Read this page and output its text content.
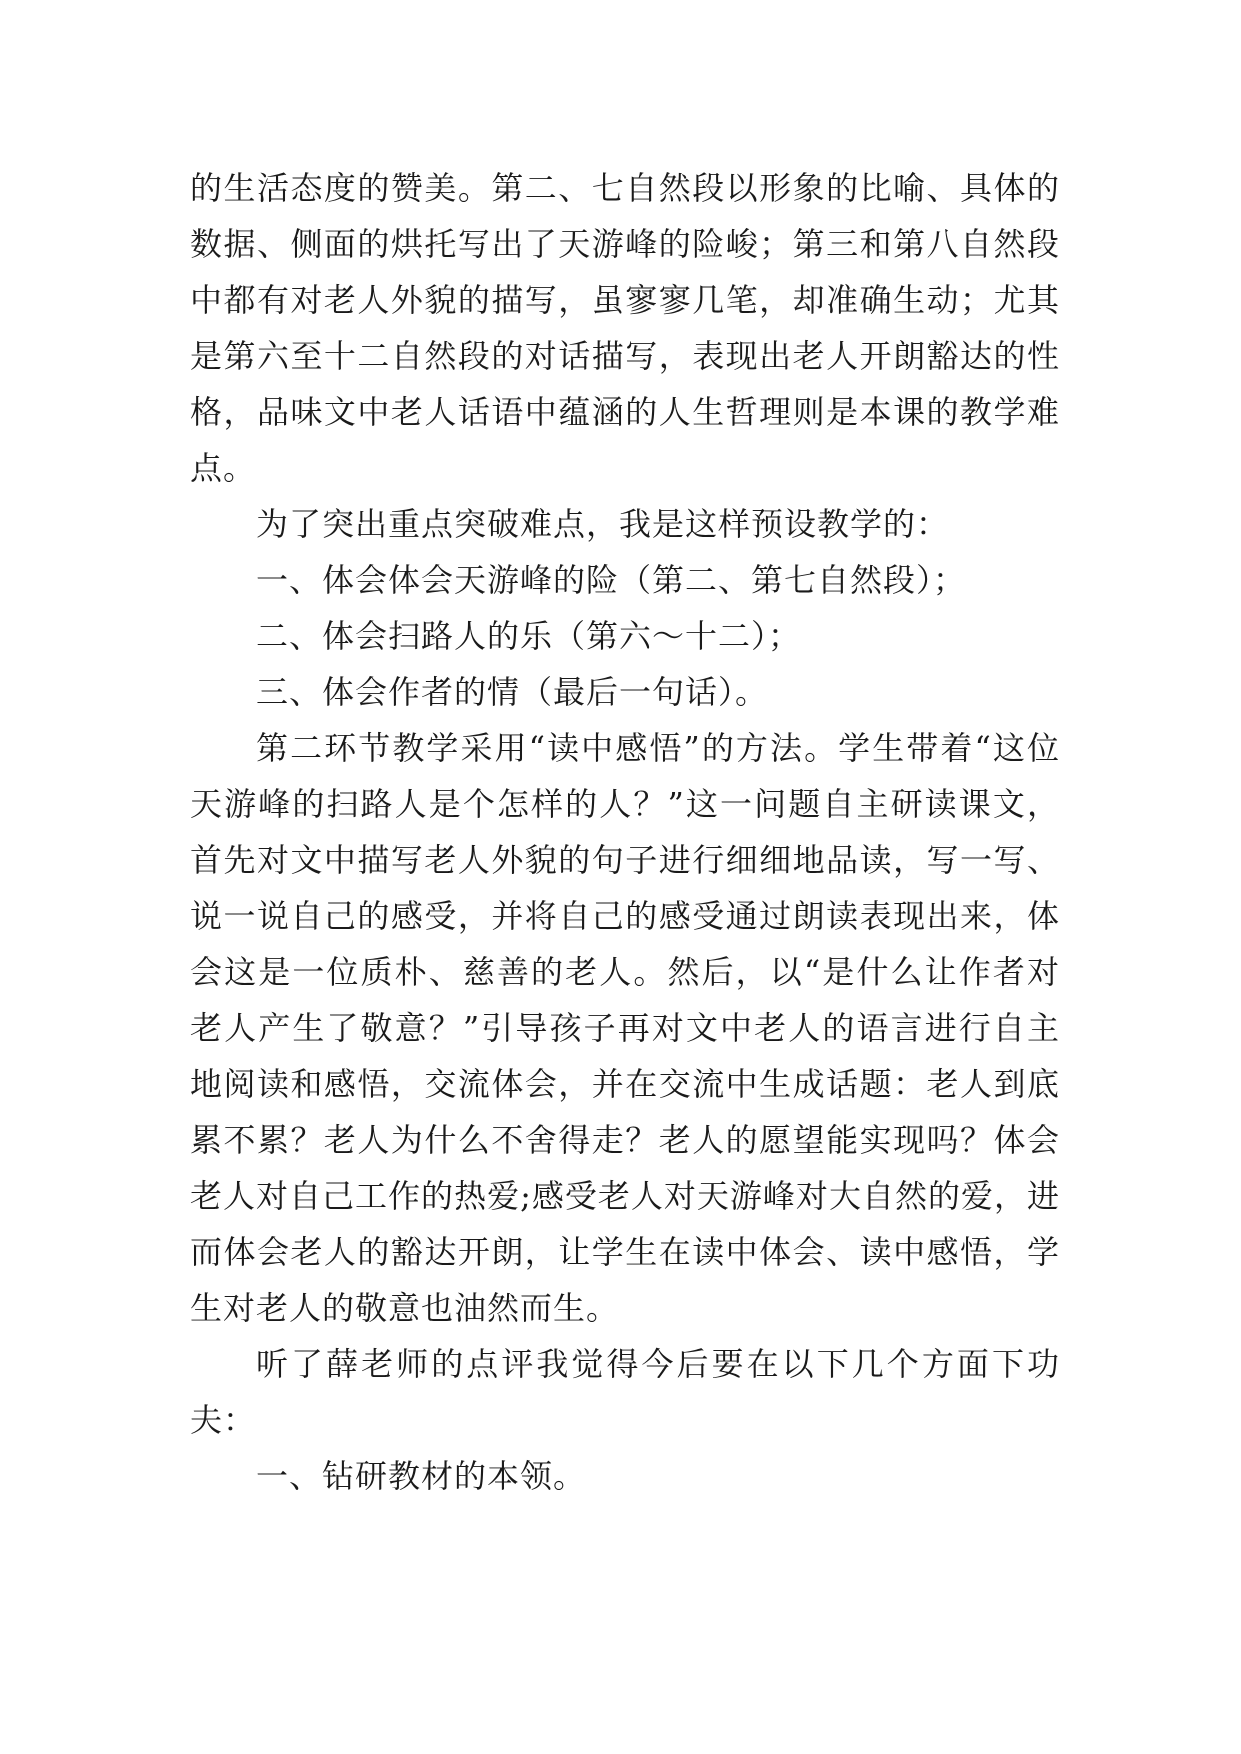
的生活态度的赞美。第二、七自然段以形象的比喻、具体的数据、侧面的烘托写出了天游峰的险峻；第三和第八自然段中都有对老人外貌的描写，虽寥寥几笔，却准确生动；尤其是第六至十二自然段的对话描写，表现出老人开朗豁达的性格，品味文中老人话语中蕴涵的人生哲理则是本课的教学难点。

为了突出重点突破难点，我是这样预设教学的：

一、体会体会天游峰的险（第二、第七自然段）；

二、体会扫路人的乐（第六～十二）；

三、体会作者的情（最后一句话）。

第二环节教学采用“读中感悟”的方法。学生带着“这位天游峰的扫路人是个怎样的人？”这一问题自主研读课文，首先对文中描写老人外貌的句子进行细细地品读，写一写、说一说自己的感受，并将自己的感受通过朗读表现出来，体会这是一位质朴、慈善的老人。然后，以“是什么让作者对老人产生了敬意？”引导孩子再对文中老人的语言进行自主地阅读和感悟，交流体会，并在交流中生成话题：老人到底累不累？老人为什么不舍得走？老人的愿望能实现吗？体会老人对自己工作的热爱;感受老人对天游峰对大自然的爱，进而体会老人的豁达开朗，让学生在读中体会、读中感悟，学生对老人的敬意也油然而生。

听了薛老师的点评我觉得今后要在以下几个方面下功夫：

一、钻研教材的本领。
